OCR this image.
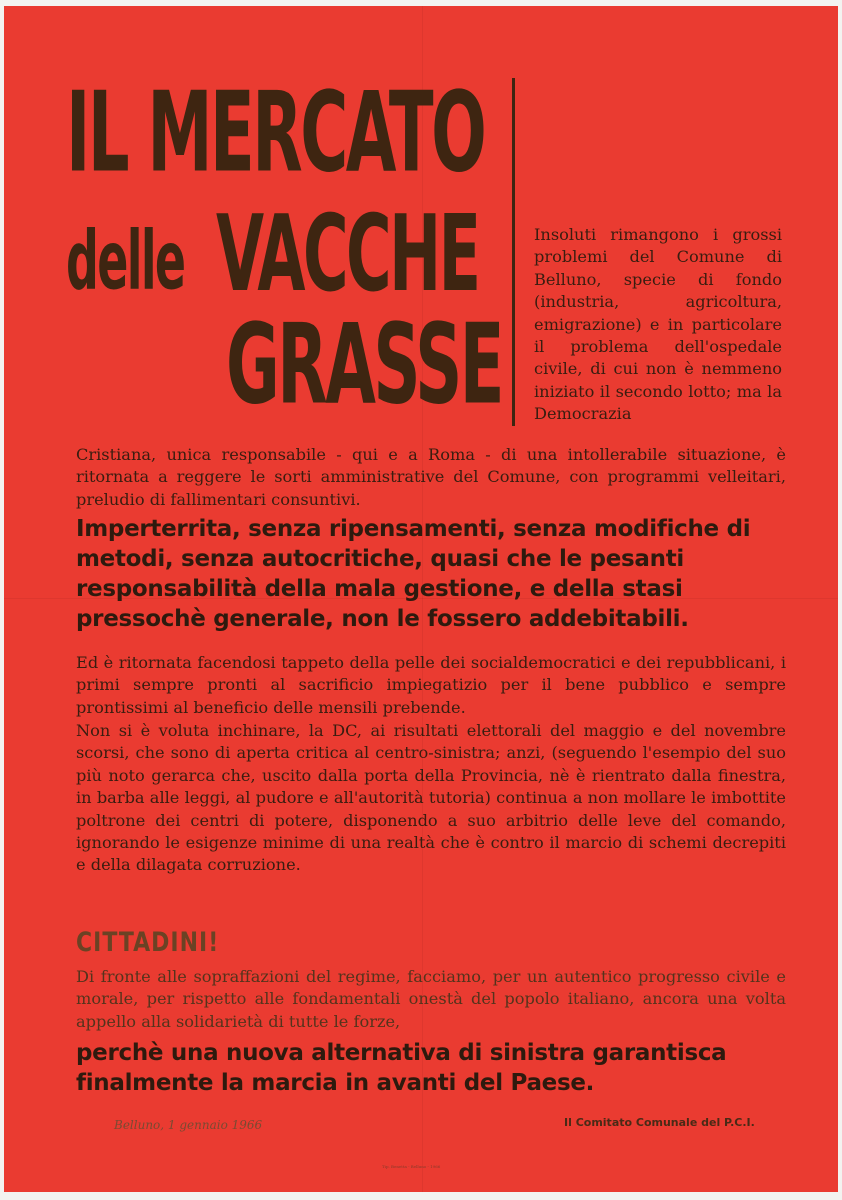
IL MERCATO
delle VACCHE
GRASSE
Insoluti rimangono i grossi problemi del Comune di Belluno, specie di fondo (industria, agricoltura, emigrazione) e in particolare il problema dell'ospedale civile, di cui non è nemmeno iniziato il secondo lotto; ma la Democrazia
Cristiana, unica responsabile - qui e a Roma - di una intollerabile situazione, è ritornata a reggere le sorti amministrative del Comune, con programmi velleitari, preludio di fallimentari consuntivi.
Imperterrita, senza ripensamenti, senza modifiche di metodi, senza autocritiche, quasi che le pesanti responsabilità della mala gestione, e della stasi pressochè generale, non le fossero addebitabili.
Ed è ritornata facendosi tappeto della pelle dei socialdemocratici e dei repubblicani, i primi sempre pronti al sacrificio impiegatizio per il bene pubblico e sempre prontissimi al beneficio delle mensili prebende.
Non si è voluta inchinare, la DC, ai risultati elettorali del maggio e del novembre scorsi, che sono di aperta critica al centro-sinistra; anzi, (seguendo l'esempio del suo più noto gerarca che, uscito dalla porta della Provincia, nè è rientrato dalla finestra, in barba alle leggi, al pudore e all'autorità tutoria) continua a non mollare le imbottite poltrone dei centri di potere, disponendo a suo arbitrio delle leve del comando, ignorando le esigenze minime di una realtà che è contro il marcio di schemi decrepiti e della dilagata corruzione.
CITTADINI!
Di fronte alle sopraffazioni del regime, facciamo, per un autentico progresso civile e morale, per rispetto alle fondamentali onestà del popolo italiano, ancora una volta appello alla solidarietà di tutte le forze,
perchè una nuova alternativa di sinistra garantisca finalmente la marcia in avanti del Paese.
Belluno, 1 gennaio 1966	Il Comitato Comunale del P.C.I.
Tip. Benetta - Belluno - 1966
